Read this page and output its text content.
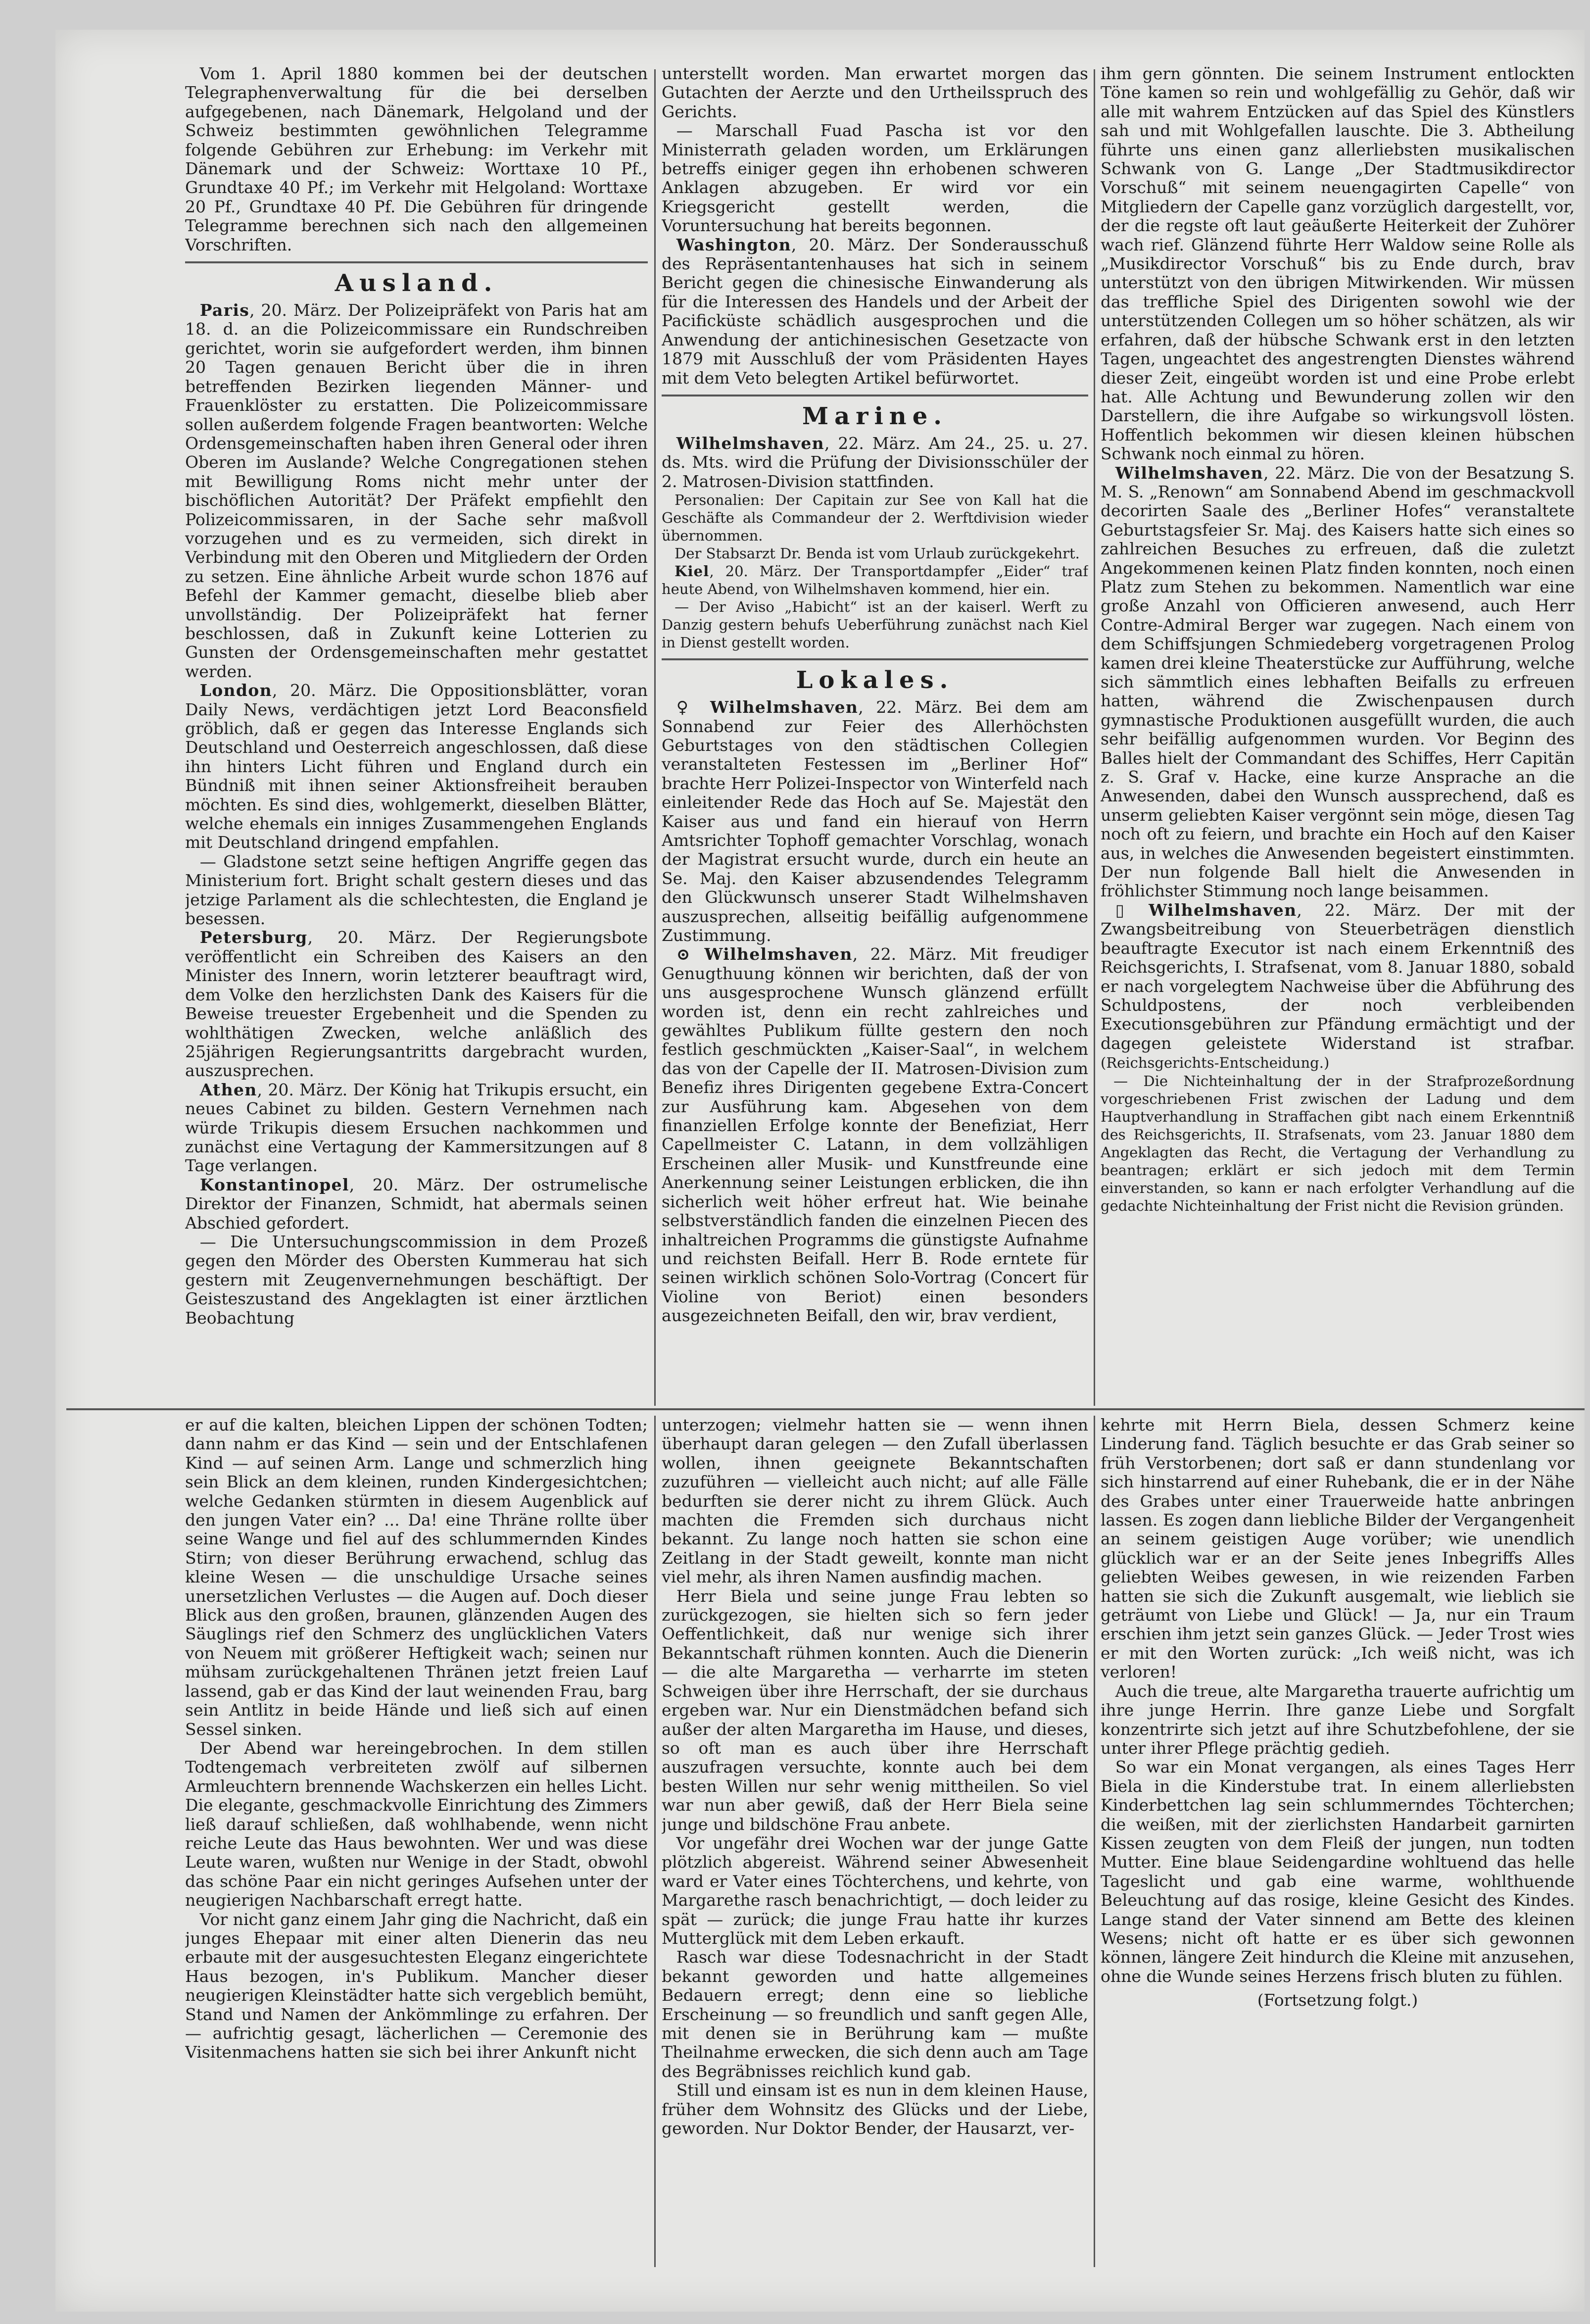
Vom 1. April 1880 kommen bei der deutschen Telegraphenverwaltung für die bei derselben aufgegebenen, nach Dänemark, Helgoland und der Schweiz bestimmten gewöhnlichen Telegramme folgende Gebühren zur Erhebung: im Verkehr mit Dänemark und der Schweiz: Worttaxe 10 Pf., Grundtaxe 40 Pf.; im Verkehr mit Helgoland: Worttaxe 20 Pf., Grundtaxe 40 Pf. Die Gebühren für dringende Telegramme berechnen sich nach den allgemeinen Vorschriften.

Ausland.

Paris, 20. März. Der Polizeipräfekt von Paris hat am 18. d. an die Polizeicommissare ein Rundschreiben gerichtet, worin sie aufgefordert werden, ihm binnen 20 Tagen genauen Bericht über die in ihren betreffenden Bezirken liegenden Männer- und Frauenklöster zu erstatten. Die Polizeicommissare sollen außerdem folgende Fragen beantworten: Welche Ordensgemeinschaften haben ihren General oder ihren Oberen im Auslande? Welche Congregationen stehen mit Bewilligung Roms nicht mehr unter der bischöflichen Autorität? Der Präfekt empfiehlt den Polizeicommissaren, in der Sache sehr maßvoll vorzugehen und es zu vermeiden, sich direkt in Verbindung mit den Oberen und Mitgliedern der Orden zu setzen. Eine ähnliche Arbeit wurde schon 1876 auf Befehl der Kammer gemacht, dieselbe blieb aber unvollständig. Der Polizeipräfekt hat ferner beschlossen, daß in Zukunft keine Lotterien zu Gunsten der Ordensgemeinschaften mehr gestattet werden.

London, 20. März. Die Oppositionsblätter, voran Daily News, verdächtigen jetzt Lord Beaconsfield gröblich, daß er gegen das Interesse Englands sich Deutschland und Oesterreich angeschlossen, daß diese ihn hinters Licht führen und England durch ein Bündniß mit ihnen seiner Aktionsfreiheit berauben möchten. Es sind dies, wohlgemerkt, dieselben Blätter, welche ehemals ein inniges Zusammengehen Englands mit Deutschland dringend empfahlen.

— Gladstone setzt seine heftigen Angriffe gegen das Ministerium fort. Bright schalt gestern dieses und das jetzige Parlament als die schlechtesten, die England je besessen.

Petersburg, 20. März. Der Regierungsbote veröffentlicht ein Schreiben des Kaisers an den Minister des Innern, worin letzterer beauftragt wird, dem Volke den herzlichsten Dank des Kaisers für die Beweise treuester Ergebenheit und die Spenden zu wohlthätigen Zwecken, welche anläßlich des 25jährigen Regierungsantritts dargebracht wurden, auszusprechen.

Athen, 20. März. Der König hat Trikupis ersucht, ein neues Cabinet zu bilden. Gestern Vernehmen nach würde Trikupis diesem Ersuchen nachkommen und zunächst eine Vertagung der Kammersitzungen auf 8 Tage verlangen.

Konstantinopel, 20. März. Der ostrumelische Direktor der Finanzen, Schmidt, hat abermals seinen Abschied gefordert.

— Die Untersuchungscommission in dem Prozeß gegen den Mörder des Obersten Kummerau hat sich gestern mit Zeugenvernehmungen beschäftigt. Der Geisteszustand des Angeklagten ist einer ärztlichen Beobachtung

unterstellt worden. Man erwartet morgen das Gutachten der Aerzte und den Urtheilsspruch des Gerichts.

— Marschall Fuad Pascha ist vor den Ministerrath geladen worden, um Erklärungen betreffs einiger gegen ihn erhobenen schweren Anklagen abzugeben. Er wird vor ein Kriegsgericht gestellt werden, die Voruntersuchung hat bereits begonnen.

Washington, 20. März. Der Sonderausschuß des Repräsentantenhauses hat sich in seinem Bericht gegen die chinesische Einwanderung als für die Interessen des Handels und der Arbeit der Pacificküste schädlich ausgesprochen und die Anwendung der antichinesischen Gesetzacte von 1879 mit Ausschluß der vom Präsidenten Hayes mit dem Veto belegten Artikel befürwortet.

Marine.

Wilhelmshaven, 22. März. Am 24., 25. u. 27. ds. Mts. wird die Prüfung der Divisionsschüler der 2. Matrosen-Division stattfinden.

Personalien: Der Capitain zur See von Kall hat die Geschäfte als Commandeur der 2. Werftdivision wieder übernommen.

Der Stabsarzt Dr. Benda ist vom Urlaub zurückgekehrt.

Kiel, 20. März. Der Transportdampfer „Eider“ traf heute Abend, von Wilhelmshaven kommend, hier ein.

— Der Aviso „Habicht“ ist an der kaiserl. Werft zu Danzig gestern behufs Ueberführung zunächst nach Kiel in Dienst gestellt worden.

Lokales.

♀ Wilhelmshaven, 22. März. Bei dem am Sonnabend zur Feier des Allerhöchsten Geburtstages von den städtischen Collegien veranstalteten Festessen im „Berliner Hof“ brachte Herr Polizei-Inspector von Winterfeld nach einleitender Rede das Hoch auf Se. Majestät den Kaiser aus und fand ein hierauf von Herrn Amtsrichter Tophoff gemachter Vorschlag, wonach der Magistrat ersucht wurde, durch ein heute an Se. Maj. den Kaiser abzusendendes Telegramm den Glückwunsch unserer Stadt Wilhelmshaven auszusprechen, allseitig beifällig aufgenommene Zustimmung.

⊙ Wilhelmshaven, 22. März. Mit freudiger Genugthuung können wir berichten, daß der von uns ausgesprochene Wunsch glänzend erfüllt worden ist, denn ein recht zahlreiches und gewähltes Publikum füllte gestern den noch festlich geschmückten „Kaiser-Saal“, in welchem das von der Capelle der II. Matrosen-Division zum Benefiz ihres Dirigenten gegebene Extra-Concert zur Ausführung kam. Abgesehen von dem finanziellen Erfolge konnte der Benefiziat, Herr Capellmeister C. Latann, in dem vollzähligen Erscheinen aller Musik- und Kunstfreunde eine Anerkennung seiner Leistungen erblicken, die ihn sicherlich weit höher erfreut hat. Wie beinahe selbstverständlich fanden die einzelnen Piecen des inhaltreichen Programms die günstigste Aufnahme und reichsten Beifall. Herr B. Rode erntete für seinen wirklich schönen Solo-Vortrag (Concert für Violine von Beriot) einen besonders ausgezeichneten Beifall, den wir, brav verdient,

ihm gern gönnten. Die seinem Instrument entlockten Töne kamen so rein und wohlgefällig zu Gehör, daß wir alle mit wahrem Entzücken auf das Spiel des Künstlers sah und mit Wohlgefallen lauschte. Die 3. Abtheilung führte uns einen ganz allerliebsten musikalischen Schwank von G. Lange „Der Stadtmusikdirector Vorschuß“ mit seinem neuengagirten Capelle“ von Mitgliedern der Capelle ganz vorzüglich dargestellt, vor, der die regste oft laut geäußerte Heiterkeit der Zuhörer wach rief. Glänzend führte Herr Waldow seine Rolle als „Musikdirector Vorschuß“ bis zu Ende durch, brav unterstützt von den übrigen Mitwirkenden. Wir müssen das treffliche Spiel des Dirigenten sowohl wie der unterstützenden Collegen um so höher schätzen, als wir erfahren, daß der hübsche Schwank erst in den letzten Tagen, ungeachtet des angestrengten Dienstes während dieser Zeit, eingeübt worden ist und eine Probe erlebt hat. Alle Achtung und Bewunderung zollen wir den Darstellern, die ihre Aufgabe so wirkungsvoll lösten. Hoffentlich bekommen wir diesen kleinen hübschen Schwank noch einmal zu hören.

Wilhelmshaven, 22. März. Die von der Besatzung S. M. S. „Renown“ am Sonnabend Abend im geschmackvoll decorirten Saale des „Berliner Hofes“ veranstaltete Geburtstagsfeier Sr. Maj. des Kaisers hatte sich eines so zahlreichen Besuches zu erfreuen, daß die zuletzt Angekommenen keinen Platz finden konnten, noch einen Platz zum Stehen zu bekommen. Namentlich war eine große Anzahl von Officieren anwesend, auch Herr Contre-Admiral Berger war zugegen. Nach einem von dem Schiffsjungen Schmiedeberg vorgetragenen Prolog kamen drei kleine Theaterstücke zur Aufführung, welche sich sämmtlich eines lebhaften Beifalls zu erfreuen hatten, während die Zwischenpausen durch gymnastische Produktionen ausgefüllt wurden, die auch sehr beifällig aufgenommen wurden. Vor Beginn des Balles hielt der Commandant des Schiffes, Herr Capitän z. S. Graf v. Hacke, eine kurze Ansprache an die Anwesenden, dabei den Wunsch aussprechend, daß es unserm geliebten Kaiser vergönnt sein möge, diesen Tag noch oft zu feiern, und brachte ein Hoch auf den Kaiser aus, in welches die Anwesenden begeistert einstimmten. Der nun folgende Ball hielt die Anwesenden in fröhlichster Stimmung noch lange beisammen.

▯ Wilhelmshaven, 22. März. Der mit der Zwangsbeitreibung von Steuerbeträgen dienstlich beauftragte Executor ist nach einem Erkenntniß des Reichsgerichts, I. Strafsenat, vom 8. Januar 1880, sobald er nach vorgelegtem Nachweise über die Abführung des Schuldpostens, der noch verbleibenden Executionsgebühren zur Pfändung ermächtigt und der dagegen geleistete Widerstand ist strafbar. (Reichsgerichts-Entscheidung.)

— Die Nichteinhaltung der in der Strafprozeßordnung vorgeschriebenen Frist zwischen der Ladung und dem Hauptverhandlung in Straffachen gibt nach einem Erkenntniß des Reichsgerichts, II. Strafsenats, vom 23. Januar 1880 dem Angeklagten das Recht, die Vertagung der Verhandlung zu beantragen; erklärt er sich jedoch mit dem Termin einverstanden, so kann er nach erfolgter Verhandlung auf die gedachte Nichteinhaltung der Frist nicht die Revision gründen.

er auf die kalten, bleichen Lippen der schönen Todten; dann nahm er das Kind — sein und der Entschlafenen Kind — auf seinen Arm. Lange und schmerzlich hing sein Blick an dem kleinen, runden Kindergesichtchen; welche Gedanken stürmten in diesem Augenblick auf den jungen Vater ein? ... Da! eine Thräne rollte über seine Wange und fiel auf des schlummernden Kindes Stirn; von dieser Berührung erwachend, schlug das kleine Wesen — die unschuldige Ursache seines unersetzlichen Verlustes — die Augen auf. Doch dieser Blick aus den großen, braunen, glänzenden Augen des Säuglings rief den Schmerz des unglücklichen Vaters von Neuem mit größerer Heftigkeit wach; seinen nur mühsam zurückgehaltenen Thränen jetzt freien Lauf lassend, gab er das Kind der laut weinenden Frau, barg sein Antlitz in beide Hände und ließ sich auf einen Sessel sinken.

Der Abend war hereingebrochen. In dem stillen Todtengemach verbreiteten zwölf auf silbernen Armleuchtern brennende Wachskerzen ein helles Licht. Die elegante, geschmackvolle Einrichtung des Zimmers ließ darauf schließen, daß wohlhabende, wenn nicht reiche Leute das Haus bewohnten. Wer und was diese Leute waren, wußten nur Wenige in der Stadt, obwohl das schöne Paar ein nicht geringes Aufsehen unter der neugierigen Nachbarschaft erregt hatte.

Vor nicht ganz einem Jahr ging die Nachricht, daß ein junges Ehepaar mit einer alten Dienerin das neu erbaute mit der ausgesuchtesten Eleganz eingerichtete Haus bezogen, in's Publikum. Mancher dieser neugierigen Kleinstädter hatte sich vergeblich bemüht, Stand und Namen der Ankömmlinge zu erfahren. Der — aufrichtig gesagt, lächerlichen — Ceremonie des Visitenmachens hatten sie sich bei ihrer Ankunft nicht

unterzogen; vielmehr hatten sie — wenn ihnen überhaupt daran gelegen — den Zufall überlassen wollen, ihnen geeignete Bekanntschaften zuzuführen — vielleicht auch nicht; auf alle Fälle bedurften sie derer nicht zu ihrem Glück. Auch machten die Fremden sich durchaus nicht bekannt. Zu lange noch hatten sie schon eine Zeitlang in der Stadt geweilt, konnte man nicht viel mehr, als ihren Namen ausfindig machen.

Herr Biela und seine junge Frau lebten so zurückgezogen, sie hielten sich so fern jeder Oeffentlichkeit, daß nur wenige sich ihrer Bekanntschaft rühmen konnten. Auch die Dienerin — die alte Margaretha — verharrte im steten Schweigen über ihre Herrschaft, der sie durchaus ergeben war. Nur ein Dienstmädchen befand sich außer der alten Margaretha im Hause, und dieses, so oft man es auch über ihre Herrschaft auszufragen versuchte, konnte auch bei dem besten Willen nur sehr wenig mittheilen. So viel war nun aber gewiß, daß der Herr Biela seine junge und bildschöne Frau anbete.

Vor ungefähr drei Wochen war der junge Gatte plötzlich abgereist. Während seiner Abwesenheit ward er Vater eines Töchterchens, und kehrte, von Margarethe rasch benachrichtigt, — doch leider zu spät — zurück; die junge Frau hatte ihr kurzes Mutterglück mit dem Leben erkauft.

Rasch war diese Todesnachricht in der Stadt bekannt geworden und hatte allgemeines Bedauern erregt; denn eine so liebliche Erscheinung — so freundlich und sanft gegen Alle, mit denen sie in Berührung kam — mußte Theilnahme erwecken, die sich denn auch am Tage des Begräbnisses reichlich kund gab.

Still und einsam ist es nun in dem kleinen Hause, früher dem Wohnsitz des Glücks und der Liebe, geworden. Nur Doktor Bender, der Hausarzt, ver-

kehrte mit Herrn Biela, dessen Schmerz keine Linderung fand. Täglich besuchte er das Grab seiner so früh Verstorbenen; dort saß er dann stundenlang vor sich hinstarrend auf einer Ruhebank, die er in der Nähe des Grabes unter einer Trauerweide hatte anbringen lassen. Es zogen dann liebliche Bilder der Vergangenheit an seinem geistigen Auge vorüber; wie unendlich glücklich war er an der Seite jenes Inbegriffs Alles geliebten Weibes gewesen, in wie reizenden Farben hatten sie sich die Zukunft ausgemalt, wie lieblich sie geträumt von Liebe und Glück! — Ja, nur ein Traum erschien ihm jetzt sein ganzes Glück. — Jeder Trost wies er mit den Worten zurück: „Ich weiß nicht, was ich verloren!

Auch die treue, alte Margaretha trauerte aufrichtig um ihre junge Herrin. Ihre ganze Liebe und Sorgfalt konzentrirte sich jetzt auf ihre Schutzbefohlene, der sie unter ihrer Pflege prächtig gedieh.

So war ein Monat vergangen, als eines Tages Herr Biela in die Kinderstube trat. In einem allerliebsten Kinderbettchen lag sein schlummerndes Töchterchen; die weißen, mit der zierlichsten Handarbeit garnirten Kissen zeugten von dem Fleiß der jungen, nun todten Mutter. Eine blaue Seidengardine wohltuend das helle Tageslicht und gab eine warme, wohlthuende Beleuchtung auf das rosige, kleine Gesicht des Kindes. Lange stand der Vater sinnend am Bette des kleinen Wesens; nicht oft hatte er es über sich gewonnen können, längere Zeit hindurch die Kleine mit anzusehen, ohne die Wunde seines Herzens frisch bluten zu fühlen.

(Fortsetzung folgt.)
